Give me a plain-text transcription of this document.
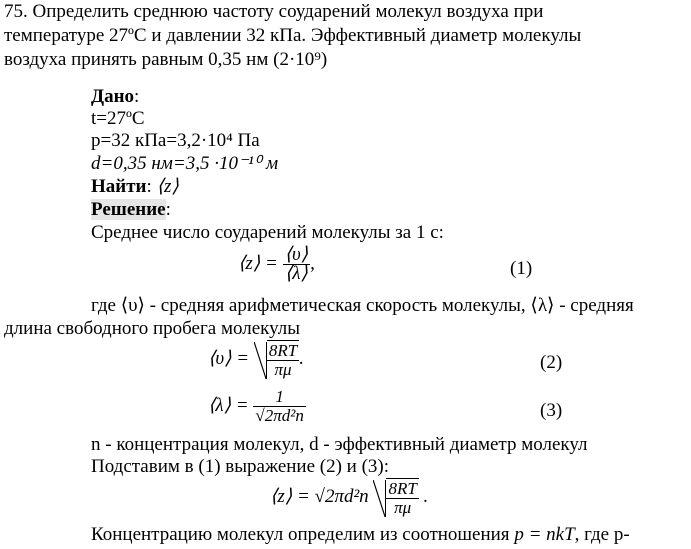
75. Определить среднюю частоту соударений молекул воздуха при
температуре 27ºС и давлении 32 кПа. Эффективный диаметр молекулы
воздуха принять равным 0,35 нм (2·10⁹)
Дано:
t=27ºC
p=32 кПа=3,2·10⁴ Па
d=0,35 нм=3,5 ·10⁻¹⁰ м
Найти: ⟨z⟩
Решение:
Среднее число соударений молекулы за 1 с:
⟨z⟩ = $\frac{⟨\upsilon⟩}{⟨\lambda⟩}$ ,	(1)
где ⟨υ⟩ - средняя арифметическая скорость молекулы, ⟨λ⟩ - средняя
длина свободного пробега молекулы
⟨υ⟩ = $\frac{8RT}{\pi\mu}$ .	(2)
⟨λ⟩ = $\frac{1}{\text{√2πd²n}}$	(3)
n - концентрация молекул, d - эффективный диаметр молекул
Подставим в (1) выражение (2) и (3):
⟨z⟩ = $√2\pi d^2n \frac{8RT}{\pi\mu}$ .
Концентрацию молекул определим из соотношения p = nkT, где p-
